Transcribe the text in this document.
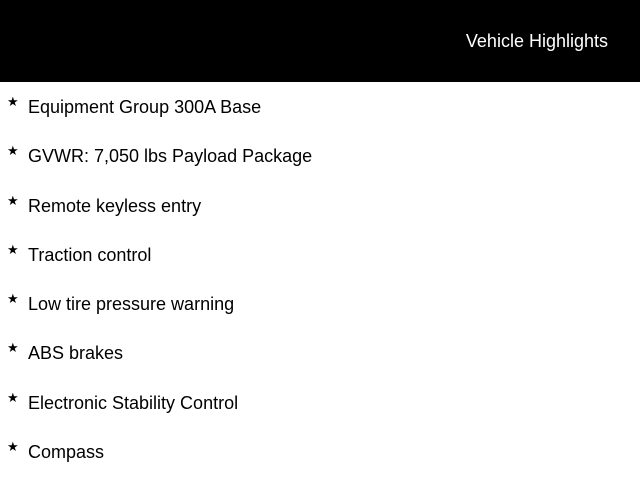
Vehicle Highlights
★ Equipment Group 300A Base
★ GVWR: 7,050 lbs Payload Package
★ Remote keyless entry
★ Traction control
★ Low tire pressure warning
★ ABS brakes
★ Electronic Stability Control
★ Compass
